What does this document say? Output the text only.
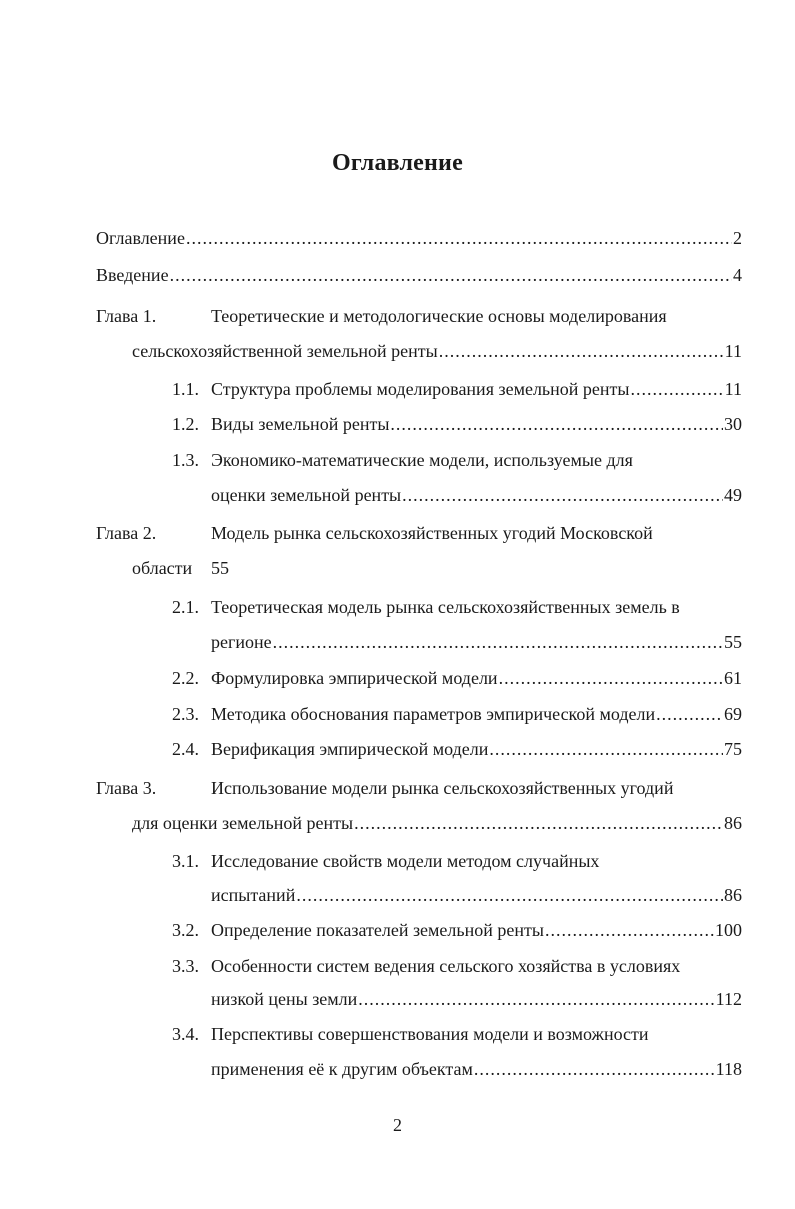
Оглавление
Оглавление .....	2
Введение .....	4
Глава 1.	Теоретические и методологические основы моделирования
сельскохозяйственной земельной ренты .....	11
1.1. Структура проблемы моделирования земельной ренты .....	11
1.2. Виды земельной ренты .....	30
1.3. Экономико-математические модели, используемые для
оценки земельной ренты .....	49
Глава 2.	Модель рынка сельскохозяйственных угодий Московской
области 55
2.1. Теоретическая модель рынка сельскохозяйственных земель в
регионе .....	55
2.2. Формулировка эмпирической модели .....	61
2.3. Методика обоснования параметров эмпирической модели .....	69
2.4. Верификация эмпирической модели .....	75
Глава 3.	Использование модели рынка сельскохозяйственных угодий
для оценки земельной ренты .....	86
3.1. Исследование свойств модели методом случайных
испытаний .....	86
3.2. Определение показателей земельной ренты .....	100
3.3. Особенности систем ведения сельского хозяйства в условиях
низкой цены земли .....	112
3.4. Перспективы совершенствования модели и возможности
применения её к другим объектам .....	118
2
